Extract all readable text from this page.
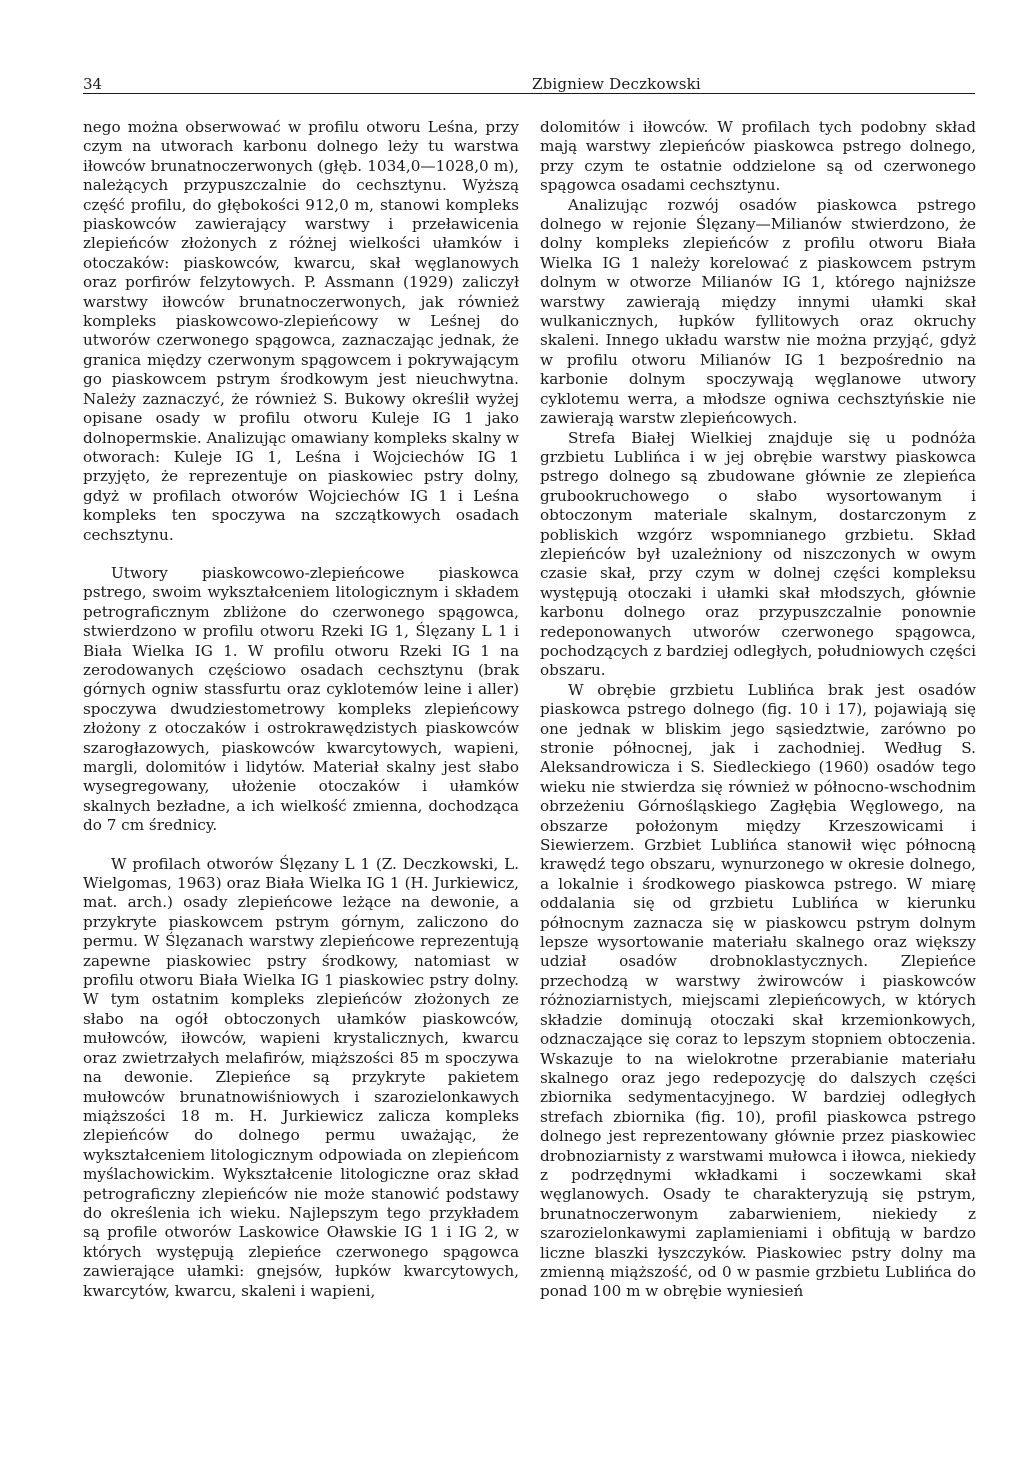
34	Zbigniew Deczkowski

nego można obserwować w profilu otworu Leśna, przy czym na utworach karbonu dolnego leży tu warstwa iłowców brunatnoczerwonych (głęb. 1034,0—1028,0 m), należących przypuszczalnie do cechsztynu. Wyższą część profilu, do głębokości 912,0 m, stanowi kompleks piaskowców zawierający warstwy i przeławicenia zlepieńców złożonych z różnej wielkości ułamków i otoczaków: piaskowców, kwarcu, skał węglanowych oraz porfirów felzytowych. P. Assmann (1929) zaliczył warstwy iłowców brunatnoczerwonych, jak również kompleks piaskowcowo-zlepieńcowy w Leśnej do utworów czerwonego spągowca, zaznaczając jednak, że granica między czerwonym spągowcem i pokrywającym go piaskowcem pstrym środkowym jest nieuchwytna. Należy zaznaczyć, że również S. Bukowy określił wyżej opisane osady w profilu otworu Kuleje IG 1 jako dolnopermskie. Analizując omawiany kompleks skalny w otworach: Kuleje IG 1, Leśna i Wojciechów IG 1 przyjęto, że reprezentuje on piaskowiec pstry dolny, gdyż w profilach otworów Wojciechów IG 1 i Leśna kompleks ten spoczywa na szczątkowych osadach cechsztynu.

Utwory piaskowcowo-zlepieńcowe piaskowca pstrego, swoim wykształceniem litologicznym i składem petrograficznym zbliżone do czerwonego spągowca, stwierdzono w profilu otworu Rzeki IG 1, Ślęzany L 1 i Biała Wielka IG 1. W profilu otworu Rzeki IG 1 na zerodowanych częściowo osadach cechsztynu (brak górnych ogniw stassfurtu oraz cyklotemów leine i aller) spoczywa dwudziestometrowy kompleks zlepieńcowy złożony z otoczaków i ostrokrawędzistych piaskowców szarogłazowych, piaskowców kwarcytowych, wapieni, margli, dolomitów i lidytów. Materiał skalny jest słabo wysegregowany, ułożenie otoczaków i ułamków skalnych bezładne, a ich wielkość zmienna, dochodząca do 7 cm średnicy.

W profilach otworów Ślęzany L 1 (Z. Deczkowski, L. Wielgomas, 1963) oraz Biała Wielka IG 1 (H. Jurkiewicz, mat. arch.) osady zlepieńcowe leżące na dewonie, a przykryte piaskowcem pstrym górnym, zaliczono do permu. W Ślęzanach warstwy zlepieńcowe reprezentują zapewne piaskowiec pstry środkowy, natomiast w profilu otworu Biała Wielka IG 1 piaskowiec pstry dolny. W tym ostatnim kompleks zlepieńców złożonych ze słabo na ogół obtoczonych ułamków piaskowców, mułowców, iłowców, wapieni krystalicznych, kwarcu oraz zwietrzałych melafirów, miąższości 85 m spoczywa na dewonie. Zlepieńce są przykryte pakietem mułowców brunatnowiśniowych i szarozielonkawych miąższości 18 m. H. Jurkiewicz zalicza kompleks zlepieńców do dolnego permu uważając, że wykształceniem litologicznym odpowiada on zlepieńcom myślachowickim. Wykształcenie litologiczne oraz skład petrograficzny zlepieńców nie może stanowić podstawy do określenia ich wieku. Najlepszym tego przykładem są profile otworów Laskowice Oławskie IG 1 i IG 2, w których występują zlepieńce czerwonego spągowca zawierające ułamki: gnejsów, łupków kwarcytowych, kwarcytów, kwarcu, skaleni i wapieni,

dolomitów i iłowców. W profilach tych podobny skład mają warstwy zlepieńców piaskowca pstrego dolnego, przy czym te ostatnie oddzielone są od czerwonego spągowca osadami cechsztynu.

Analizując rozwój osadów piaskowca pstrego dolnego w rejonie Ślęzany—Milianów stwierdzono, że dolny kompleks zlepieńców z profilu otworu Biała Wielka IG 1 należy korelować z piaskowcem pstrym dolnym w otworze Milianów IG 1, którego najniższe warstwy zawierają między innymi ułamki skał wulkanicznych, łupków fyllitowych oraz okruchy skaleni. Innego układu warstw nie można przyjąć, gdyż w profilu otworu Milianów IG 1 bezpośrednio na karbonie dolnym spoczywają węglanowe utwory cyklotemu werra, a młodsze ogniwa cechsztyńskie nie zawierają warstw zlepieńcowych.

Strefa Białej Wielkiej znajduje się u podnóża grzbietu Lublińca i w jej obrębie warstwy piaskowca pstrego dolnego są zbudowane głównie ze zlepieńca grubookruchowego o słabo wysortowanym i obtoczonym materiale skalnym, dostarczonym z pobliskich wzgórz wspomnianego grzbietu. Skład zlepieńców był uzależniony od niszczonych w owym czasie skał, przy czym w dolnej części kompleksu występują otoczaki i ułamki skał młodszych, głównie karbonu dolnego oraz przypuszczalnie ponownie redeponowanych utworów czerwonego spągowca, pochodzących z bardziej odległych, południowych części obszaru.

W obrębie grzbietu Lublińca brak jest osadów piaskowca pstrego dolnego (fig. 10 i 17), pojawiają się one jednak w bliskim jego sąsiedztwie, zarówno po stronie północnej, jak i zachodniej. Według S. Aleksandrowicza i S. Siedleckiego (1960) osadów tego wieku nie stwierdza się również w północno-wschodnim obrzeżeniu Górnośląskiego Zagłębia Węglowego, na obszarze położonym między Krzeszowicami i Siewierzem. Grzbiet Lublińca stanowił więc północną krawędź tego obszaru, wynurzonego w okresie dolnego, a lokalnie i środkowego piaskowca pstrego. W miarę oddalania się od grzbietu Lublińca w kierunku północnym zaznacza się w piaskowcu pstrym dolnym lepsze wysortowanie materiału skalnego oraz większy udział osadów drobnoklastycznych. Zlepieńce przechodzą w warstwy żwirowców i piaskowców różnoziarnistych, miejscami zlepieńcowych, w których składzie dominują otoczaki skał krzemionkowych, odznaczające się coraz to lepszym stopniem obtoczenia. Wskazuje to na wielokrotne przerabianie materiału skalnego oraz jego redepozycję do dalszych części zbiornika sedymentacyjnego. W bardziej odległych strefach zbiornika (fig. 10), profil piaskowca pstrego dolnego jest reprezentowany głównie przez piaskowiec drobnoziarnisty z warstwami mułowca i iłowca, niekiedy z podrzędnymi wkładkami i soczewkami skał węglanowych. Osady te charakteryzują się pstrym, brunatnoczerwonym zabarwieniem, niekiedy z szarozielonkawymi zaplamieniami i obfitują w bardzo liczne blaszki łyszczyków. Piaskowiec pstry dolny ma zmienną miąższość, od 0 w pasmie grzbietu Lublińca do ponad 100 m w obrębie wyniesień
